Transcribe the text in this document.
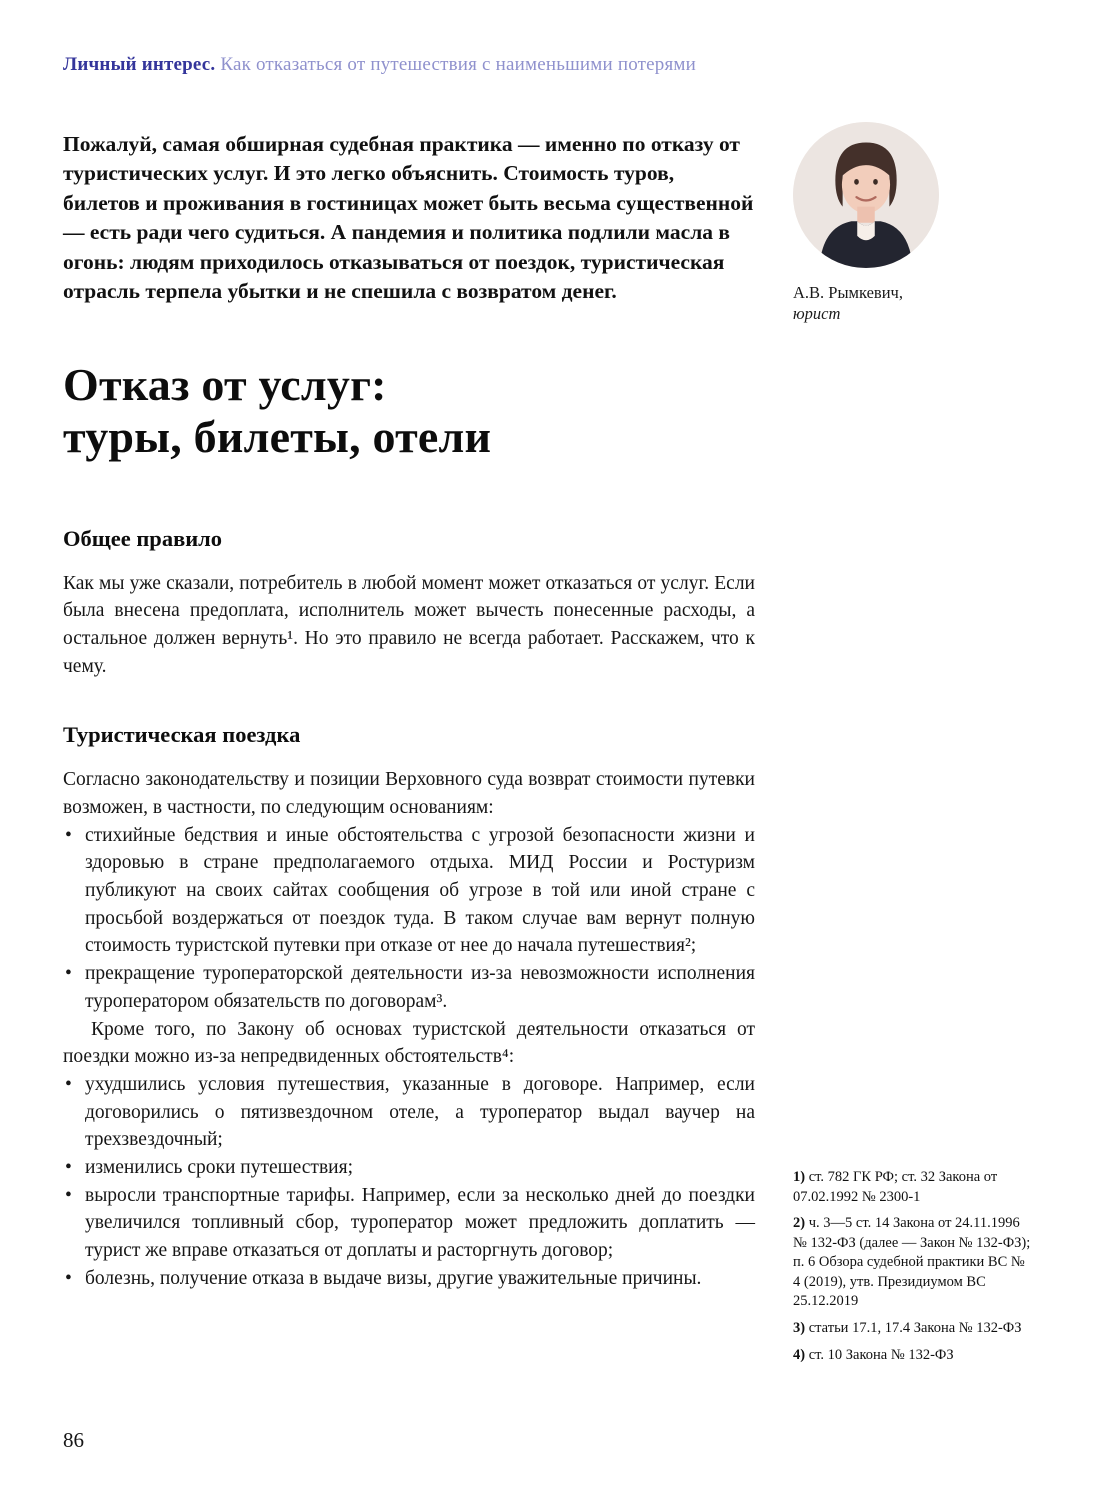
Личный интерес. Как отказаться от путешествия с наименьшими потерями
Пожалуй, самая обширная судебная практика — именно по отказу от туристических услуг. И это легко объяснить. Стоимость туров, билетов и проживания в гостиницах может быть весьма существенной — есть ради чего судиться. А пандемия и политика подлили масла в огонь: людям приходилось отказываться от поездок, туристическая отрасль терпела убытки и не спешила с возвратом денег.
Отказ от услуг:
туры, билеты, отели
Общее правило
Как мы уже сказали, потребитель в любой момент может отказаться от услуг. Если была внесена предоплата, исполнитель может вычесть понесенные расходы, а остальное должен вернуть¹. Но это правило не всегда работает. Расскажем, что к чему.
Туристическая поездка
Согласно законодательству и позиции Верховного суда возврат стоимости путевки возможен, в частности, по следующим основаниям:
• стихийные бедствия и иные обстоятельства с угрозой безопасности жизни и здоровью в стране предполагаемого отдыха. МИД России и Ростуризм публикуют на своих сайтах сообщения об угрозе в той или иной стране с просьбой воздержаться от поездок туда. В таком случае вам вернут полную стоимость туристской путевки при отказе от нее до начала путешествия²;
• прекращение туроператорской деятельности из-за невозможности исполнения туроператором обязательств по договорам³.
Кроме того, по Закону об основах туристской деятельности отказаться от поездки можно из-за непредвиденных обстоятельств⁴:
• ухудшились условия путешествия, указанные в договоре. Например, если договорились о пятизвездочном отеле, а туроператор выдал ваучер на трехзвездочный;
• изменились сроки путешествия;
• выросли транспортные тарифы. Например, если за несколько дней до поездки увеличился топливный сбор, туроператор может предложить доплатить — турист же вправе отказаться от доплаты и расторгнуть договор;
• болезнь, получение отказа в выдаче визы, другие уважительные причины.
А.В. Рымкевич,
юрист
1) ст. 782 ГК РФ; ст. 32 Закона от 07.02.1992 № 2300-1
2) ч. 3—5 ст. 14 Закона от 24.11.1996 № 132-ФЗ (далее — Закон № 132-ФЗ); п. 6 Обзора судебной практики ВС № 4 (2019), утв. Президиумом ВС 25.12.2019
3) статьи 17.1, 17.4 Закона № 132-ФЗ
4) ст. 10 Закона № 132-ФЗ
86
